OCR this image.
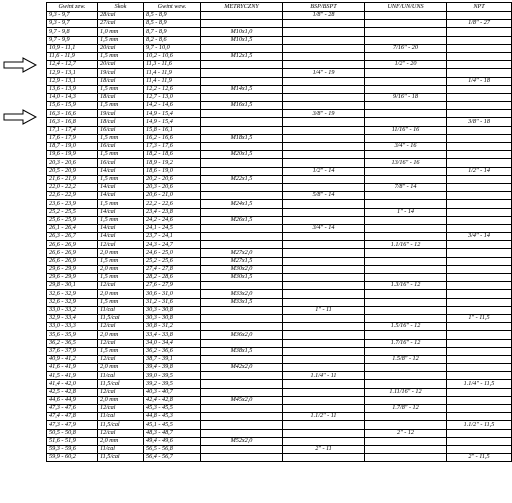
Gwint zew.	Skok	Gwint wew.	METRYCZNY	BSP/BSPT	UNF/UN/UNS	NPT
9,3 - 9,7	28/cal	8,5 - 8,9		1/8" - 28		
9,3 - 9,7	27/cal	8,5 - 8,9				1/8" - 27
9,7 - 9,8	1,0 mm	8,7 - 8,9	M10x1,0			
9,7 - 9,9	1,5 mm	8,2 - 8,6	M10x1,5			
10,9 - 11,1	20/cal	9,7 - 10,0			7/16" - 20	
11,6 - 11,9	1,5 mm	10,2 - 10,6	M12x1,5			
12,4 - 12,7	20/cal	11,3 - 11,6			1/2" - 20	
12,9 - 13,1	19/cal	11,4 - 11,9		1/4" - 19		
12,9 - 13,1	18/cal	11,4 - 11,9				1/4" - 18
13,6 - 13,9	1,5 mm	12,2 - 12,6	M14x1,5			
14,0 - 14,3	18/cal	12,7 - 13,0			9/16" - 18	
15,6 - 15,9	1,5 mm	14,2 - 14,6	M16x1,5			
16,3 - 16,6	19/cal	14,9 - 15,4		3/8" - 19		
16,3 - 16,8	18/cal	14,9 - 15,4				3/8" - 18
17,1 - 17,4	16/cal	15,8 - 16,1			11/16" - 16	
17,6 - 17,9	1,5 mm	16,2 - 16,6	M18x1,5			
18,7 - 19,0	16/cal	17,3 - 17,6			3/4" - 16	
19,6 - 19,9	1,5 mm	18,2 - 18,6	M20x1,5			
20,3 - 20,6	16/cal	18,9 - 19,2			13/16" - 16	
20,5 - 20,9	14/cal	18,6 - 19,0		1/2" - 14		1/2" - 14
21,6 - 21,9	1,5 mm	20,2 - 20,6	M22x1,5			
22,0 - 22,2	14/cal	20,3 - 20,6			7/8" - 14	
22,6 - 22,9	14/cal	20,6 - 21,0		5/8" - 14		
23,6 - 23,9	1,5 mm	22,2 - 22,6	M24x1,5			
25,2 - 25,5	14/cal	23,4 - 23,8			1" - 14	
25,6 - 25,9	1,5 mm	24,2 - 24,6	M26x1,5			
26,1 - 26,4	14/cal	24,1 - 24,5		3/4" - 14		
26,3 - 26,7	14/cal	23,7 - 24,1				3/4" - 14
26,6 - 26,9	12/cal	24,3 - 24,7			1.1/16" - 12	
26,6 - 26,9	2,0 mm	24,6 - 25,0	M27x2,0			
26,6 - 26,9	1,5 mm	25,2 - 25,6	M27x1,5			
29,6 - 29,9	2,0 mm	27,4 - 27,8	M30x2,0			
29,6 - 29,9	1,5 mm	28,2 - 28,6	M30x1,5			
29,8 - 30,1	12/cal	27,6 - 27,9			1.3/16" - 12	
32,6 - 32,9	2,0 mm	30,6 - 31,0	M33x2,0			
32,6 - 32,9	1,5 mm	31,2 - 31,6	M33x1,5			
33,0 - 33,2	11/cal	30,3 - 30,8		1" - 11		
32,9 - 33,4	11,5/cal	30,3 - 30,8				1" - 11,5
33,0 - 33,3	12/cal	30,8 - 31,2			1.5/16" - 12	
35,6 - 35,9	2,0 mm	33,4 - 33,8	M36x2,0			
36,2 - 36,5	12/cal	34,0 - 34,4			1.7/16" - 12	
37,6 - 37,9	1,5 mm	36,2 - 36,6	M38x1,5			
40,9 - 41,2	12/cal	38,7 - 39,1			1.5/8" - 12	
41,6 - 41,9	2,0 mm	39,4 - 39,8	M42x2,0			
41,5 - 41,9	11/cal	39,0 - 39,5		1.1/4" - 11		
41,4 - 42,0	11,5/cal	39,2 - 39,5				1.1/4" - 11,5
42,5 - 42,8	12/cal	40,3 - 40,7			1.11/16" - 12	
44,6 - 44,9	2,0 mm	42,4 - 42,8	M45x2,0			
47,3 - 47,6	12/cal	45,3 - 45,5			1.7/8" - 12	
47,4 - 47,8	11/cal	44,8 - 45,3		1.1/2" - 11		
47,3 - 47,9	11,5/cal	45,1 - 45,5				1.1/2" - 11,5
50,5 - 50,8	12/cal	48,3 - 48,7			2" - 12	
51,6 - 51,9	2,0 mm	49,4 - 49,6	M52x2,0			
59,3 - 59,6	11/cal	56,5 - 56,8		2" - 11		
59,9 - 60,2	11,5/cal	56,4 - 56,7				2" - 11,5
